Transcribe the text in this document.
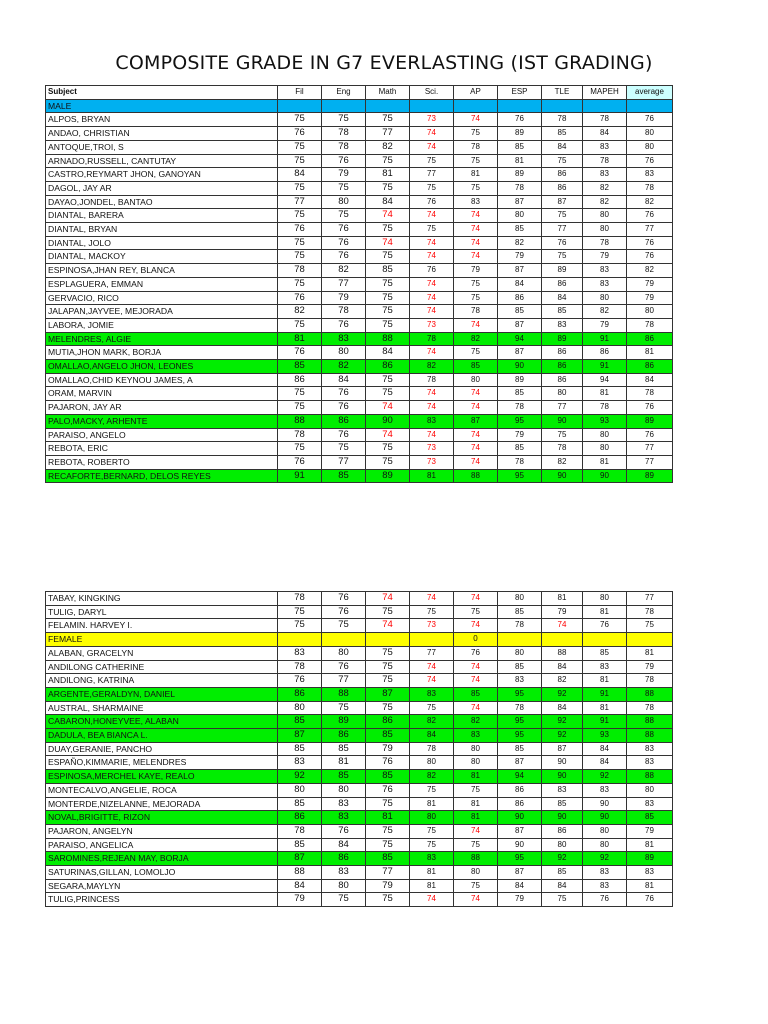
COMPOSITE GRADE IN G7 EVERLASTING (IST GRADING)
Subject	Fil	Eng	Math	Sci.	AP	ESP	TLE	MAPEH	average
MALE									
ALPOS, BRYAN	75	75	75	73	74	76	78	78	76
ANDAO, CHRISTIAN	76	78	77	74	75	89	85	84	80
ANTOQUE,TROI, S	75	78	82	74	78	85	84	83	80
ARNADO,RUSSELL, CANTUTAY	75	76	75	75	75	81	75	78	76
CASTRO,REYMART JHON, GANOYAN	84	79	81	77	81	89	86	83	83
DAGOL, JAY AR	75	75	75	75	75	78	86	82	78
DAYAO,JONDEL, BANTAO	77	80	84	76	83	87	87	82	82
DIANTAL, BARERA	75	75	74	74	74	80	75	80	76
DIANTAL, BRYAN	76	76	75	75	74	85	77	80	77
DIANTAL, JOLO	75	76	74	74	74	82	76	78	76
DIANTAL, MACKOY	75	76	75	74	74	79	75	79	76
ESPINOSA,JHAN REY, BLANCA	78	82	85	76	79	87	89	83	82
ESPLAGUERA, EMMAN	75	77	75	74	75	84	86	83	79
GERVACIO, RICO	76	79	75	74	75	86	84	80	79
JALAPAN,JAYVEE, MEJORADA	82	78	75	74	78	85	85	82	80
LABORA, JOMIE	75	76	75	73	74	87	83	79	78
MELENDRES, ALGIE	81	83	88	78	82	94	89	91	86
MUTIA,JHON MARK, BORJA	76	80	84	74	75	87	86	86	81
OMALLAO,ANGELO JHON, LEONES	85	82	86	82	85	90	86	91	86
OMALLAO,CHID KEYNOU JAMES, A	86	84	75	78	80	89	86	94	84
ORAM, MARVIN	75	76	75	74	74	85	80	81	78
PAJARON, JAY AR	75	76	74	74	74	78	77	78	76
PALO,MACKY, ARHENTE	88	86	90	83	87	95	90	93	89
PARAISO, ANGELO	78	76	74	74	74	79	75	80	76
REBOTA, ERIC	75	75	75	73	74	85	78	80	77
REBOTA, ROBERTO	76	77	75	73	74	78	82	81	77
RECAFORTE,BERNARD, DELOS REYES	91	85	89	81	88	95	90	90	89
TABAY, KINGKING	78	76	74	74	74	80	81	80	77
TULIG, DARYL	75	76	75	75	75	85	79	81	78
FELAMIN. HARVEY I.	75	75	74	73	74	78	74	76	75
FEMALE					0				
ALABAN, GRACELYN	83	80	75	77	76	80	88	85	81
ANDILONG CATHERINE	78	76	75	74	74	85	84	83	79
ANDILONG, KATRINA	76	77	75	74	74	83	82	81	78
ARGENTE,GERALDYN, DANIEL	86	88	87	83	85	95	92	91	88
AUSTRAL, SHARMAINE	80	75	75	75	74	78	84	81	78
CABARON,HONEYVEE, ALABAN	85	89	86	82	82	95	92	91	88
DADULA, BEA BIANCA L.	87	86	85	84	83	95	92	93	88
DUAY,GERANIE, PANCHO	85	85	79	78	80	85	87	84	83
ESPAÑO,KIMMARIE, MELENDRES	83	81	76	80	80	87	90	84	83
ESPINOSA,MERCHEL KAYE, REALO	92	85	85	82	81	94	90	92	88
MONTECALVO,ANGELIE, ROCA	80	80	76	75	75	86	83	83	80
MONTERDE,NIZELANNE, MEJORADA	85	83	75	81	81	86	85	90	83
NOVAL,BRIGITTE, RIZON	86	83	81	80	81	90	90	90	85
PAJARON, ANGELYN	78	76	75	75	74	87	86	80	79
PARAISO, ANGELICA	85	84	75	75	75	90	80	80	81
SAROMINES,REJEAN MAY, BORJA	87	86	85	83	88	95	92	92	89
SATURINAS,GILLAN, LOMOLJO	88	83	77	81	80	87	85	83	83
SEGARA,MAYLYN	84	80	79	81	75	84	84	83	81
TULIG,PRINCESS	79	75	75	74	74	79	75	76	76
